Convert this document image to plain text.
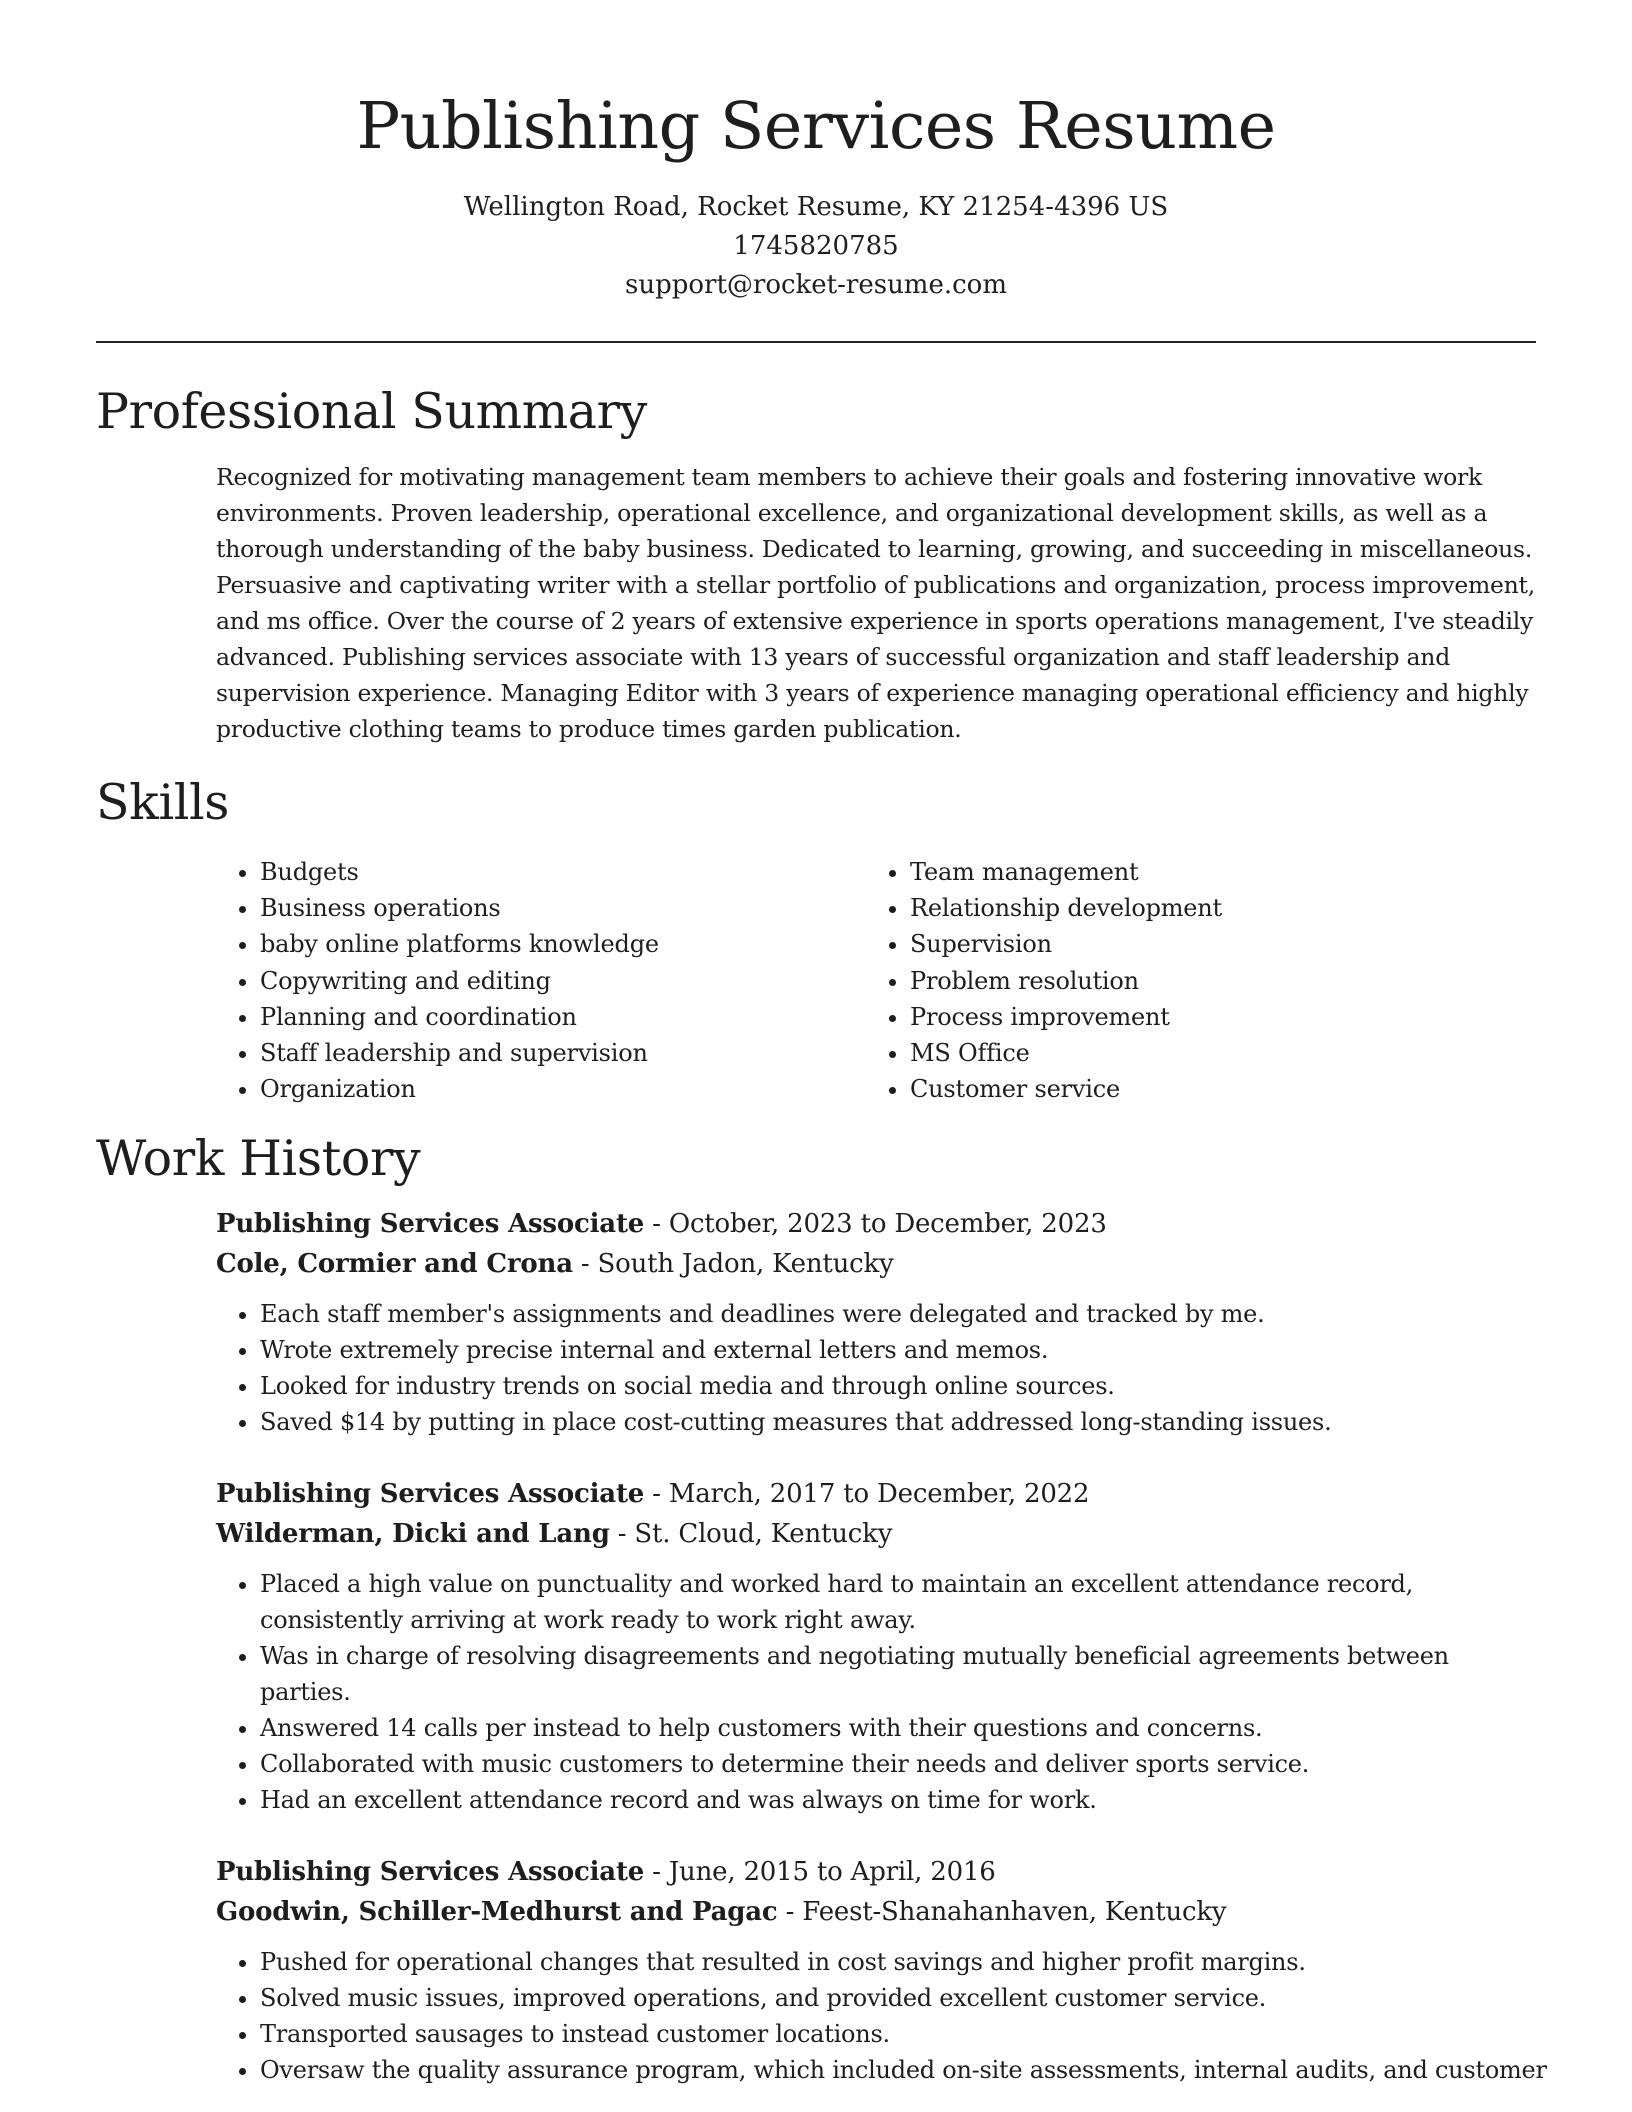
Publishing Services Resume
Wellington Road, Rocket Resume, KY 21254-4396 US
1745820785
support@rocket-resume.com
Professional Summary

Recognized for motivating management team members to achieve their goals and fostering innovative work environments. Proven leadership, operational excellence, and organizational development skills, as well as a thorough understanding of the baby business. Dedicated to learning, growing, and succeeding in miscellaneous. Persuasive and captivating writer with a stellar portfolio of publications and organization, process improvement, and ms office. Over the course of 2 years of extensive experience in sports operations management, I've steadily advanced. Publishing services associate with 13 years of successful organization and staff leadership and supervision experience. Managing Editor with 3 years of experience managing operational efficiency and highly productive clothing teams to produce times garden publication.

Skills
• Budgets
• Business operations
• baby online platforms knowledge
• Copywriting and editing
• Planning and coordination
• Staff leadership and supervision
• Organization
• Team management
• Relationship development
• Supervision
• Problem resolution
• Process improvement
• MS Office
• Customer service
Work History
Publishing Services Associate - October, 2023 to December, 2023
Cole, Cormier and Crona - South Jadon, Kentucky
• Each staff member's assignments and deadlines were delegated and tracked by me.
• Wrote extremely precise internal and external letters and memos.
• Looked for industry trends on social media and through online sources.
• Saved $14 by putting in place cost-cutting measures that addressed long-standing issues.
Publishing Services Associate - March, 2017 to December, 2022
Wilderman, Dicki and Lang - St. Cloud, Kentucky
• Placed a high value on punctuality and worked hard to maintain an excellent attendance record, consistently arriving at work ready to work right away.
• Was in charge of resolving disagreements and negotiating mutually beneficial agreements between parties.
• Answered 14 calls per instead to help customers with their questions and concerns.
• Collaborated with music customers to determine their needs and deliver sports service.
• Had an excellent attendance record and was always on time for work.
Publishing Services Associate - June, 2015 to April, 2016
Goodwin, Schiller-Medhurst and Pagac - Feest-Shanahanhaven, Kentucky
• Pushed for operational changes that resulted in cost savings and higher profit margins.
• Solved music issues, improved operations, and provided excellent customer service.
• Transported sausages to instead customer locations.
• Oversaw the quality assurance program, which included on-site assessments, internal audits, and customer
